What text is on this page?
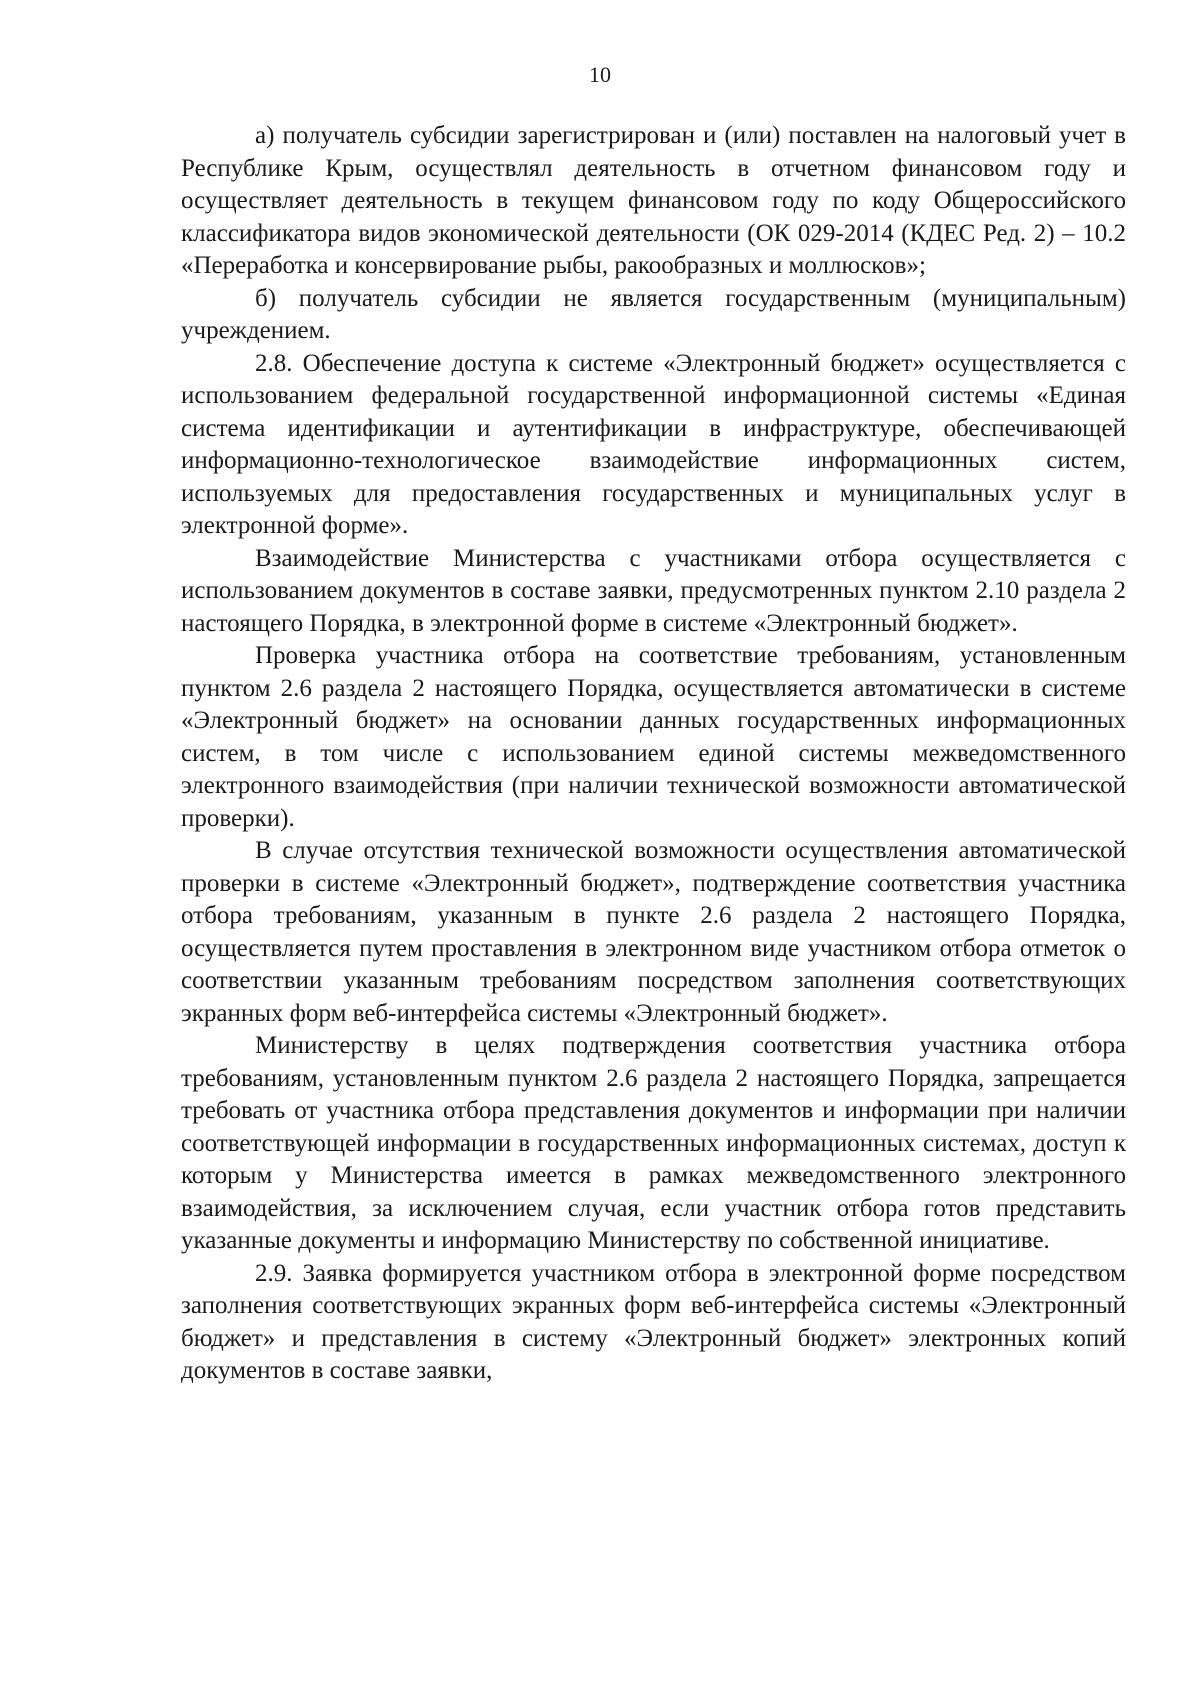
10

а) получатель субсидии зарегистрирован и (или) поставлен на налоговый учет в Республике Крым, осуществлял деятельность в отчетном финансовом году и осуществляет деятельность в текущем финансовом году по коду Общероссийского классификатора видов экономической деятельности (ОК 029-2014 (КДЕС Ред. 2) – 10.2 «Переработка и консервирование рыбы, ракообразных и моллюсков»;

б) получатель субсидии не является государственным (муниципальным) учреждением.

2.8. Обеспечение доступа к системе «Электронный бюджет» осуществляется с использованием федеральной государственной информационной системы «Единая система идентификации и аутентификации в инфраструктуре, обеспечивающей информационно-технологическое взаимодействие информационных систем, используемых для предоставления государственных и муниципальных услуг в электронной форме».

Взаимодействие Министерства с участниками отбора осуществляется с использованием документов в составе заявки, предусмотренных пунктом 2.10 раздела 2 настоящего Порядка, в электронной форме в системе «Электронный бюджет».

Проверка участника отбора на соответствие требованиям, установленным пунктом 2.6 раздела 2 настоящего Порядка, осуществляется автоматически в системе «Электронный бюджет» на основании данных государственных информационных систем, в том числе с использованием единой системы межведомственного электронного взаимодействия (при наличии технической возможности автоматической проверки).

В случае отсутствия технической возможности осуществления автоматической проверки в системе «Электронный бюджет», подтверждение соответствия участника отбора требованиям, указанным в пункте 2.6 раздела 2 настоящего Порядка, осуществляется путем проставления в электронном виде участником отбора отметок о соответствии указанным требованиям посредством заполнения соответствующих экранных форм веб-интерфейса системы «Электронный бюджет».

Министерству в целях подтверждения соответствия участника отбора требованиям, установленным пунктом 2.6 раздела 2 настоящего Порядка, запрещается требовать от участника отбора представления документов и информации при наличии соответствующей информации в государственных информационных системах, доступ к которым у Министерства имеется в рамках межведомственного электронного взаимодействия, за исключением случая, если участник отбора готов представить указанные документы и информацию Министерству по собственной инициативе.

2.9. Заявка формируется участником отбора в электронной форме посредством заполнения соответствующих экранных форм веб-интерфейса системы «Электронный бюджет» и представления в систему «Электронный бюджет» электронных копий документов в составе заявки,
